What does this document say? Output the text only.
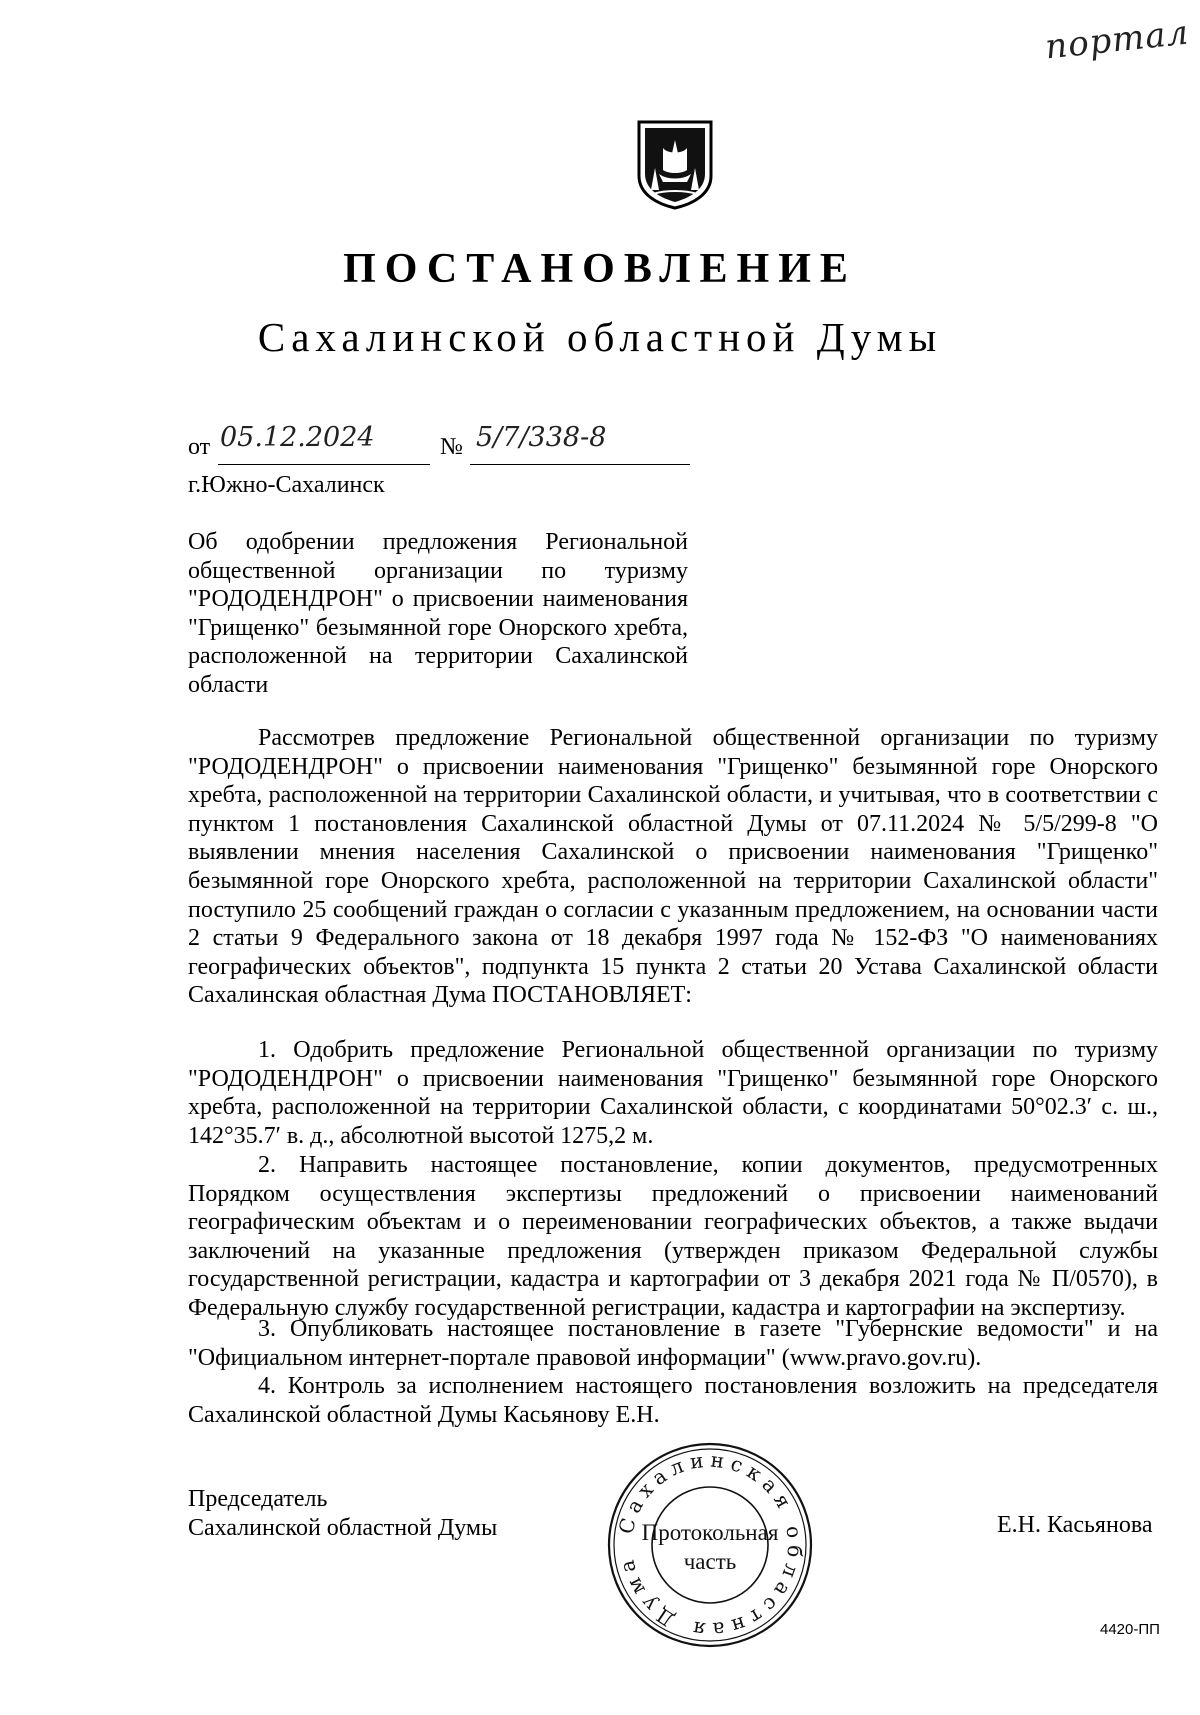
портал
ПОСТАНОВЛЕНИЕ
Сахалинской областной Думы
от 05.12.2024	№ 5/7/338-8
г.Южно-Сахалинск
Об одобрении предложения Региональной общественной организации по туризму "РОДОДЕНДРОН" о присвоении наименования "Грищенко" безымянной горе Онорского хребта, расположенной на территории Сахалинской области

Рассмотрев предложение Региональной общественной организации по туризму "РОДОДЕНДРОН" о присвоении наименования "Грищенко" безымянной горе Онорского хребта, расположенной на территории Сахалинской области, и учитывая, что в соответствии с пунктом 1 постановления Сахалинской областной Думы от 07.11.2024 № 5/5/299-8 "О выявлении мнения населения Сахалинской о присвоении наименования "Грищенко" безымянной горе Онорского хребта, расположенной на территории Сахалинской области" поступило 25 сообщений граждан о согласии с указанным предложением, на основании части 2 статьи 9 Федерального закона от 18 декабря 1997 года № 152-ФЗ "О наименованиях географических объектов", подпункта 15 пункта 2 статьи 20 Устава Сахалинской области Сахалинская областная Дума ПОСТАНОВЛЯЕТ:

1. Одобрить предложение Региональной общественной организации по туризму "РОДОДЕНДРОН" о присвоении наименования "Грищенко" безымянной горе Онорского хребта, расположенной на территории Сахалинской области, с координатами 50°02.3′ с. ш., 142°35.7′ в. д., абсолютной высотой 1275,2 м.

2. Направить настоящее постановление, копии документов, предусмотренных Порядком осуществления экспертизы предложений о присвоении наименований географическим объектам и о переименовании географических объектов, а также выдачи заключений на указанные предложения (утвержден приказом Федеральной службы государственной регистрации, кадастра и картографии от 3 декабря 2021 года № П/0570), в Федеральную службу государственной регистрации, кадастра и картографии на экспертизу.

3. Опубликовать настоящее постановление в газете "Губернские ведомости" и на "Официальном интернет-портале правовой информации" (www.pravo.gov.ru).

4. Контроль за исполнением настоящего постановления возложить на председателя Сахалинской областной Думы Касьянову Е.Н.

Председатель
Сахалинской областной Думы	Е.Н. Касьянова
Сахалинская областная Дума
Протокольная
часть
4420-ПП
